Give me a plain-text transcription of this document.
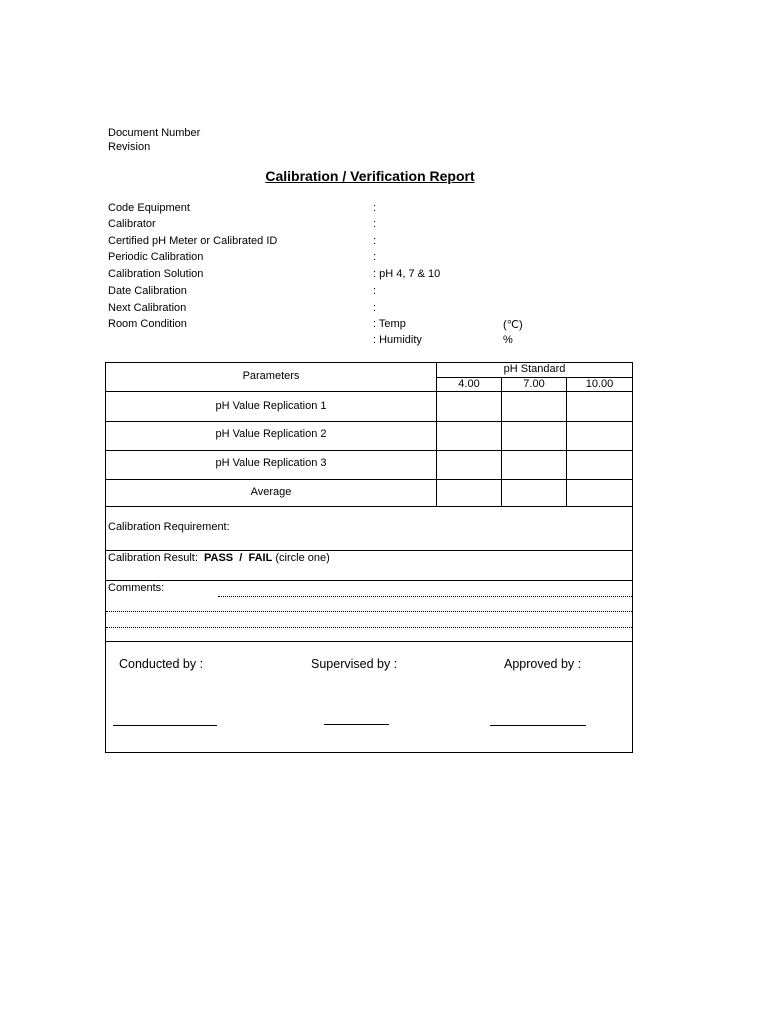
Document Number
Revision
Calibration / Verification Report
Code Equipment	:
Calibrator	:
Certified pH Meter or Calibrated ID	:
Periodic Calibration	:
Calibration Solution	: pH 4, 7 & 10
Date Calibration	:
Next Calibration	:
Room Condition	: Temp	(℃)
: Humidity	%
Parameters
pH Standard
4.00	7.00	10.00
pH Value Replication 1
pH Value Replication 2
pH Value Replication 3
Average
Calibration Requirement:
Calibration Result: PASS / FAIL (circle one)
Comments:
Conducted by :	Supervised by :	Approved by :
